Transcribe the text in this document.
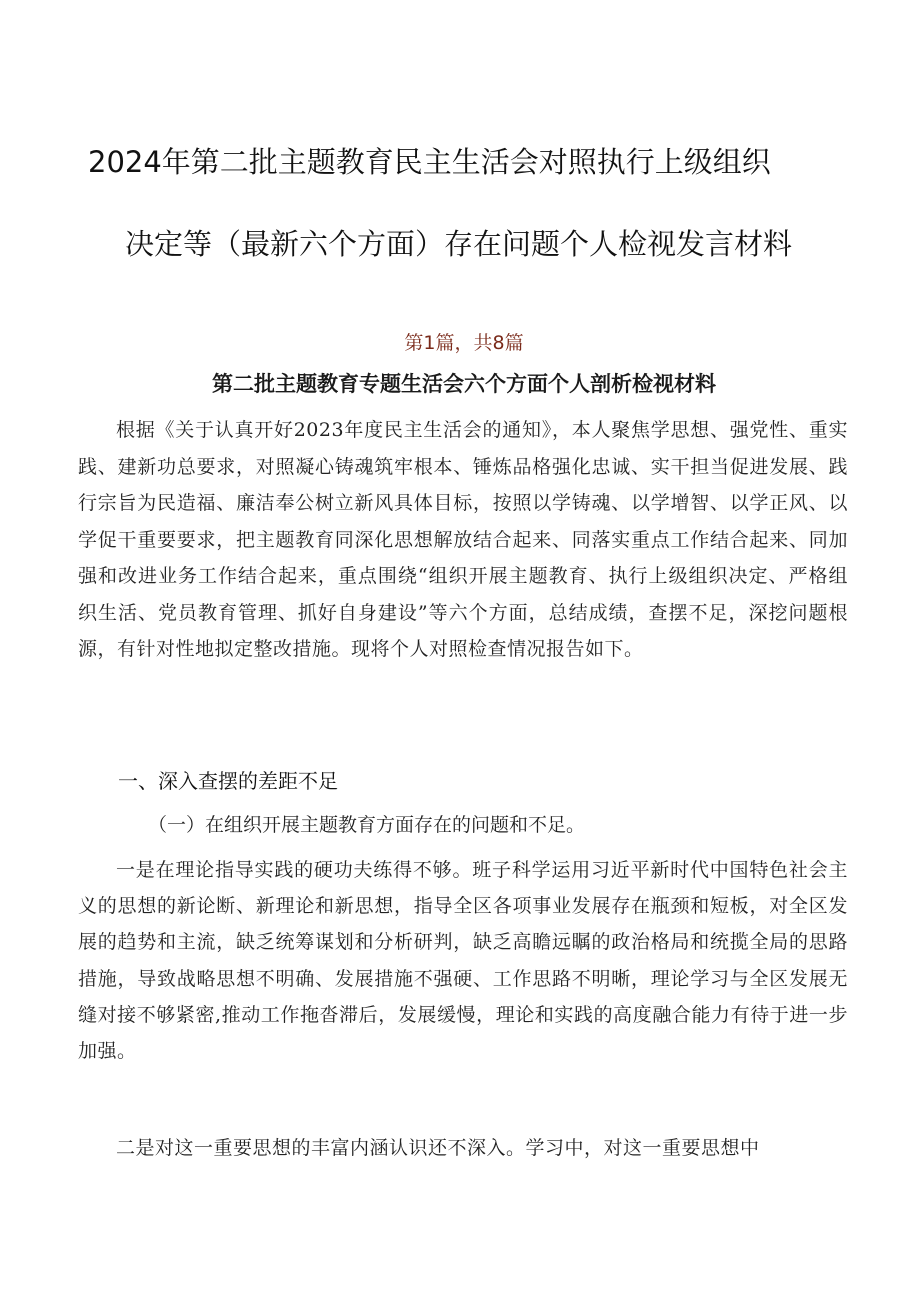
2024年第二批主题教育民主生活会对照执行上级组织
决定等（最新六个方面）存在问题个人检视发言材料
第1篇，共8篇
第二批主题教育专题生活会六个方面个人剖析检视材料

根据《关于认真开好2023年度民主生活会的通知》，本人聚焦学思想、强党性、重实践、建新功总要求，对照凝心铸魂筑牢根本、锤炼品格强化忠诚、实干担当促进发展、践行宗旨为民造福、廉洁奉公树立新风具体目标，按照以学铸魂、以学增智、以学正风、以学促干重要要求，把主题教育同深化思想解放结合起来、同落实重点工作结合起来、同加强和改进业务工作结合起来，重点围绕“组织开展主题教育、执行上级组织决定、严格组织生活、党员教育管理、抓好自身建设”等六个方面，总结成绩，查摆不足，深挖问题根源，有针对性地拟定整改措施。现将个人对照检查情况报告如下。

一、深入查摆的差距不足
（一）在组织开展主题教育方面存在的问题和不足。

一是在理论指导实践的硬功夫练得不够。班子科学运用习近平新时代中国特色社会主义的思想的新论断、新理论和新思想，指导全区各项事业发展存在瓶颈和短板，对全区发展的趋势和主流，缺乏统筹谋划和分析研判，缺乏高瞻远瞩的政治格局和统揽全局的思路措施，导致战略思想不明确、发展措施不强硬、工作思路不明晰，理论学习与全区发展无缝对接不够紧密,推动工作拖沓滞后，发展缓慢，理论和实践的高度融合能力有待于进一步加强。

二是对这一重要思想的丰富内涵认识还不深入。学习中，对这一重要思想中
